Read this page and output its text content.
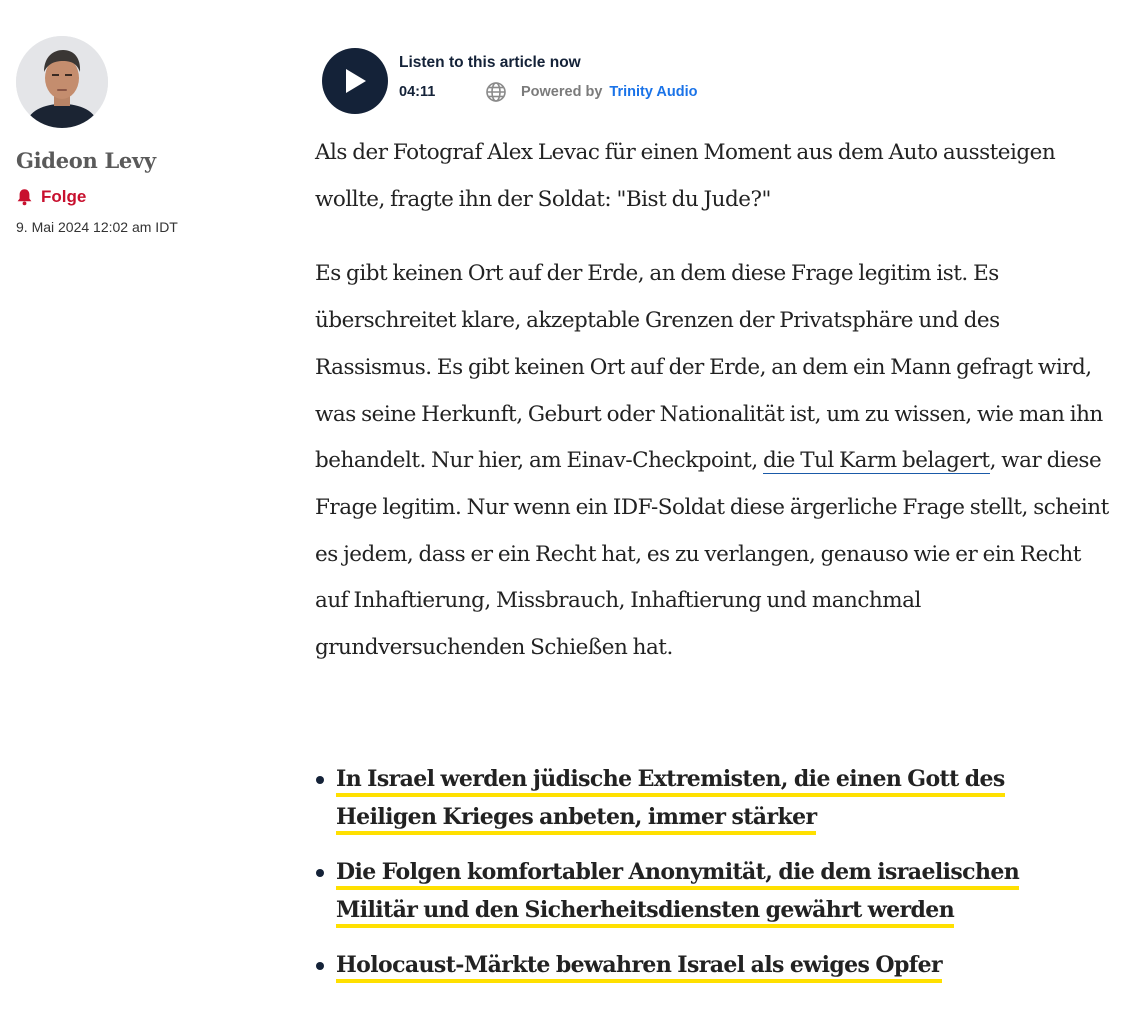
Gideon Levy
Folge
9. Mai 2024 12:02 am IDT
Listen to this article now
04:11	Powered by Trinity Audio

Als der Fotograf Alex Levac für einen Moment aus dem Auto aussteigen wollte, fragte ihn der Soldat: "Bist du Jude?"

Es gibt keinen Ort auf der Erde, an dem diese Frage legitim ist. Es überschreitet klare, akzeptable Grenzen der Privatsphäre und des Rassismus. Es gibt keinen Ort auf der Erde, an dem ein Mann gefragt wird, was seine Herkunft, Geburt oder Nationalität ist, um zu wissen, wie man ihn behandelt. Nur hier, am Einav-Checkpoint, die Tul Karm belagert, war diese Frage legitim. Nur wenn ein IDF-Soldat diese ärgerliche Frage stellt, scheint es jedem, dass er ein Recht hat, es zu verlangen, genauso wie er ein Recht auf Inhaftierung, Missbrauch, Inhaftierung und manchmal grundversuchenden Schießen hat.

In Israel werden jüdische Extremisten, die einen Gott des Heiligen Krieges anbeten, immer stärker
Die Folgen komfortabler Anonymität, die dem israelischen Militär und den Sicherheitsdiensten gewährt werden
Holocaust-Märkte bewahren Israel als ewiges Opfer
